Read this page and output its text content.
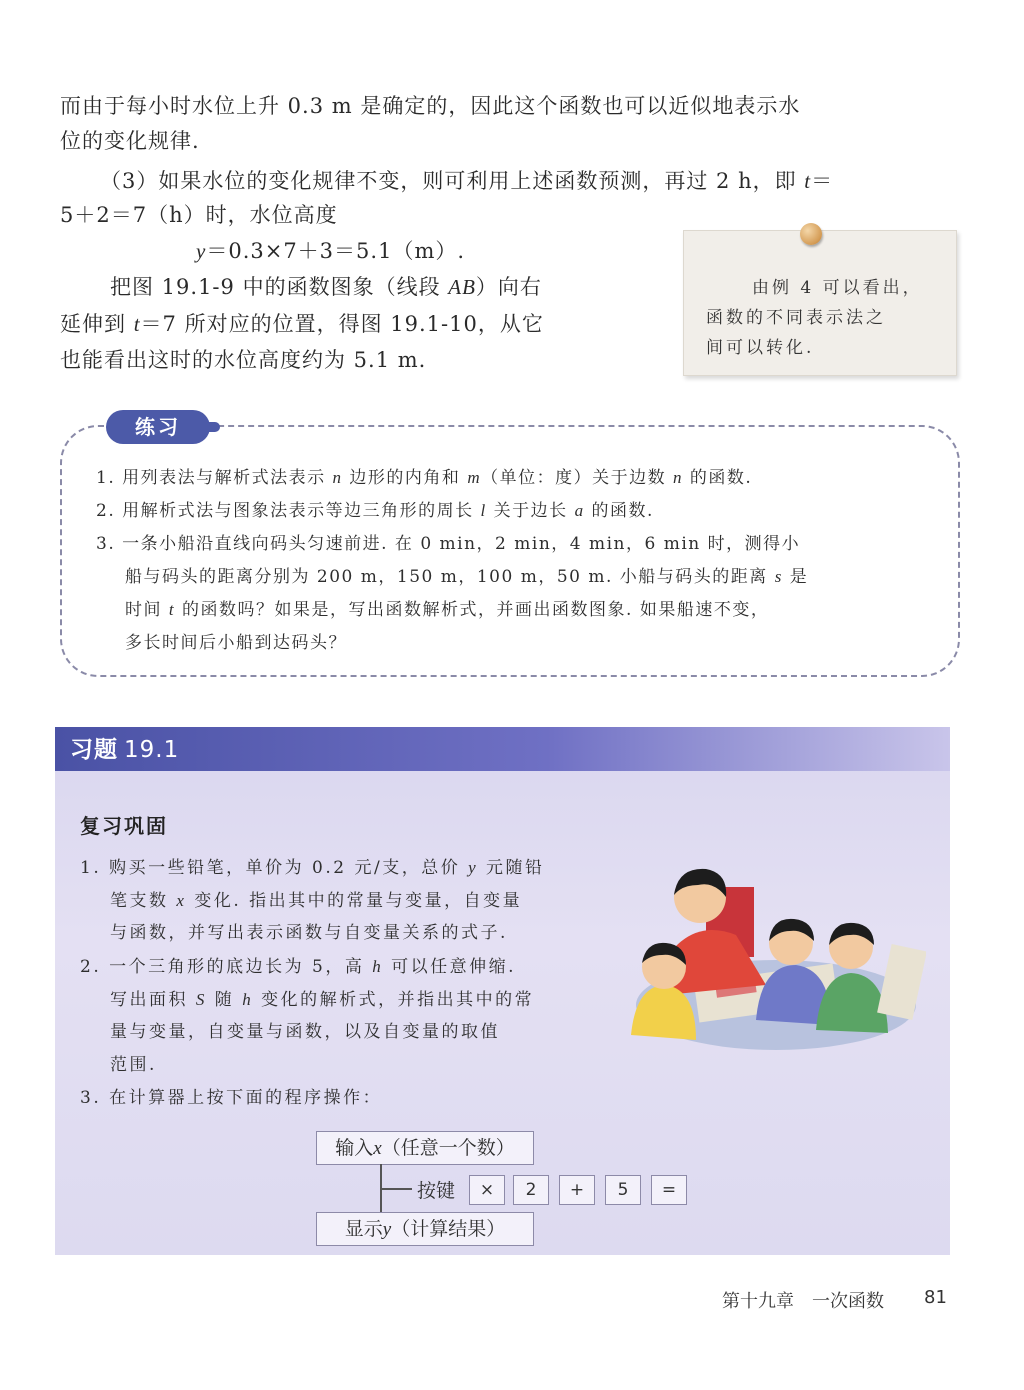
而由于每小时水位上升 0.3 m 是确定的，因此这个函数也可以近似地表示水
位的变化规律.
（3）如果水位的变化规律不变，则可利用上述函数预测，再过 2 h，即 t＝
5＋2＝7（h）时，水位高度
y＝0.3×7＋3＝5.1（m）.
把图 19.1-9 中的函数图象（线段 AB）向右
延伸到 t＝7 所对应的位置，得图 19.1-10，从它
也能看出这时的水位高度约为 5.1 m.
由例 4 可以看出，
函数的不同表示法之
间可以转化.
练习
1. 用列表法与解析式法表示 n 边形的内角和 m（单位：度）关于边数 n 的函数.
2. 用解析式法与图象法表示等边三角形的周长 l 关于边长 a 的函数.
3. 一条小船沿直线向码头匀速前进. 在 0 min，2 min，4 min，6 min 时，测得小
船与码头的距离分别为 200 m，150 m，100 m，50 m. 小船与码头的距离 s 是
时间 t 的函数吗？如果是，写出函数解析式，并画出函数图象. 如果船速不变，
多长时间后小船到达码头？
习题 19.1
复习巩固
1. 购买一些铅笔，单价为 0.2 元/支，总价 y 元随铅
笔支数 x 变化. 指出其中的常量与变量，自变量
与函数，并写出表示函数与自变量关系的式子.
2. 一个三角形的底边长为 5，高 h 可以任意伸缩.
写出面积 S 随 h 变化的解析式，并指出其中的常
量与变量，自变量与函数，以及自变量的取值
范围.
3. 在计算器上按下面的程序操作：
输入x（任意一个数）
按键	×	2	+	5	=
显示y（计算结果）
第十九章　一次函数 81
